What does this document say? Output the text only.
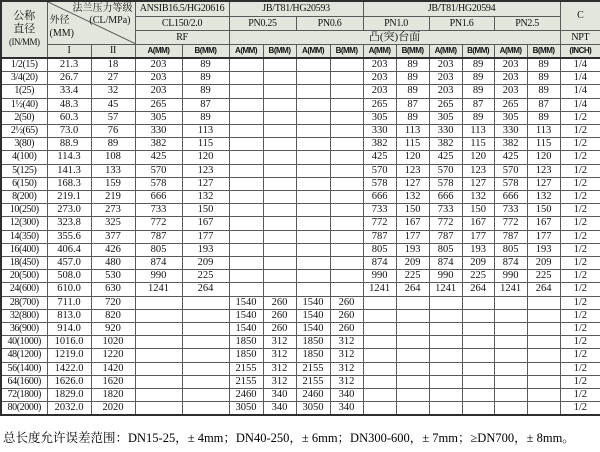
公称
直径
(IN/MM)

法兰压力等级
(CL/MPa)
外径
(MM)
	ANSIB16.5/HG20616	JB/T81/HG20593	JB/T81/HG20594	C
			CL150/2.0		PN0.25		PN0.6		PN1.0		PN1.6		PN2.5		
			RF		凸(突)台面										NPT
	I	II	A(MM)	B(MM)	A(MM)	B(MM)	A(MM)	B(MM)	A(MM)	B(MM)	A(MM)	B(MM)	A(MM)	B(MM)	(INCH)
1/2(15)	21.3	18	203	89					203	89	203	89	203	89	1/4
3/4(20)	26.7	27	203	89					203	89	203	89	203	89	1/4
1(25)	33.4	32	203	89					203	89	203	89	203	89	1/4
1½(40)	48.3	45	265	87					265	87	265	87	265	87	1/4
2(50)	60.3	57	305	89					305	89	305	89	305	89	1/2
2½(65)	73.0	76	330	113					330	113	330	113	330	113	1/2
3(80)	88.9	89	382	115					382	115	382	115	382	115	1/2
4(100)	114.3	108	425	120					425	120	425	120	425	120	1/2
5(125)	141.3	133	570	123					570	123	570	123	570	123	1/2
6(150)	168.3	159	578	127					578	127	578	127	578	127	1/2
8(200)	219.1	219	666	132					666	132	666	132	666	132	1/2
10(250)	273.0	273	733	150					733	150	733	150	733	150	1/2
12(300)	323.8	325	772	167					772	167	772	167	772	167	1/2
14(350)	355.6	377	787	177					787	177	787	177	787	177	1/2
16(400)	406.4	426	805	193					805	193	805	193	805	193	1/2
18(450)	457.0	480	874	209					874	209	874	209	874	209	1/2
20(500)	508.0	530	990	225					990	225	990	225	990	225	1/2
24(600)	610.0	630	1241	264					1241	264	1241	264	1241	264	1/2
28(700)	711.0	720			1540	260	1540	260							1/2
32(800)	813.0	820			1540	260	1540	260							1/2
36(900)	914.0	920			1540	260	1540	260							1/2
40(1000)	1016.0	1020			1850	312	1850	312							1/2
48(1200)	1219.0	1220			1850	312	1850	312							1/2
56(1400)	1422.0	1420			2155	312	2155	312							1/2
64(1600)	1626.0	1620			2155	312	2155	312							1/2
72(1800)	1829.0	1820			2460	340	2460	340							1/2
80(2000)	2032.0	2020			3050	340	3050	340							1/2
总长度允许误差范围：DN15-25，± 4mm；DN40-250，± 6mm；DN300-600，± 7mm；≥DN700，± 8mm。
